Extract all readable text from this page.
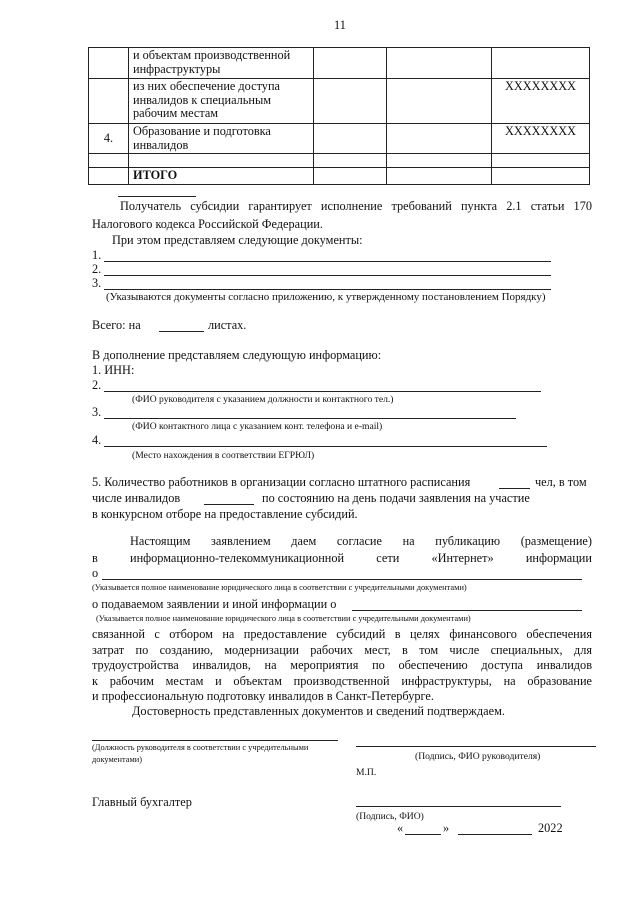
11
	и объектам производственной
инфраструктуры			
	из них обеспечение доступа
инвалидов к специальным
рабочим местам			XXXXXXXX
4.	Образование и подготовка
инвалидов			XXXXXXXX

	ИТОГО			
Получатель субсидии гарантирует исполнение требований пункта 2.1 статьи 170
Налогового кодекса Российской Федерации.
При этом представляем следующие документы:
1.
2.
3.
(Указываются документы согласно приложению, к утвержденному постановлением Порядку)
Всего: на	листах.
В дополнение представляем следующую информацию:
1. ИНН:
2.
(ФИО руководителя с указанием должности и контактного тел.)
3.
(ФИО контактного лица с указанием конт. телефона и e-mail)
4.
(Место нахождения в соответствии ЕГРЮЛ)
5. Количество работников в организации согласно штатного расписания	чел, в том
числе инвалидов	по состоянию на день подачи заявления на участие
в конкурсном отборе на предоставление субсидий.
Настоящим заявлением даем согласие на публикацию (размещение)
в	информационно-телекоммуникационной	сети	«Интернет»	информации
о
(Указывается полное наименование юридического лица в соответствии с учредительными документами)
о подаваемом заявлении и иной информации о
(Указывается полное наименование юридического лица в соответствии с учредительными документами)
связанной с отбором на предоставление субсидий в целях финансового обеспечения
затрат по созданию, модернизации рабочих мест, в том числе специальных, для
трудоустройства инвалидов, на мероприятия по обеспечению доступа инвалидов
к рабочим местам и объектам производственной инфраструктуры, на образование
и профессиональную подготовку инвалидов в Санкт-Петербурге.
Достоверность представленных документов и сведений подтверждаем.
(Должность руководителя в соответствии с учредительными
документами)	(Подпись, ФИО руководителя)
М.П.
Главный бухгалтер
(Подпись, ФИО)
«	»	2022
